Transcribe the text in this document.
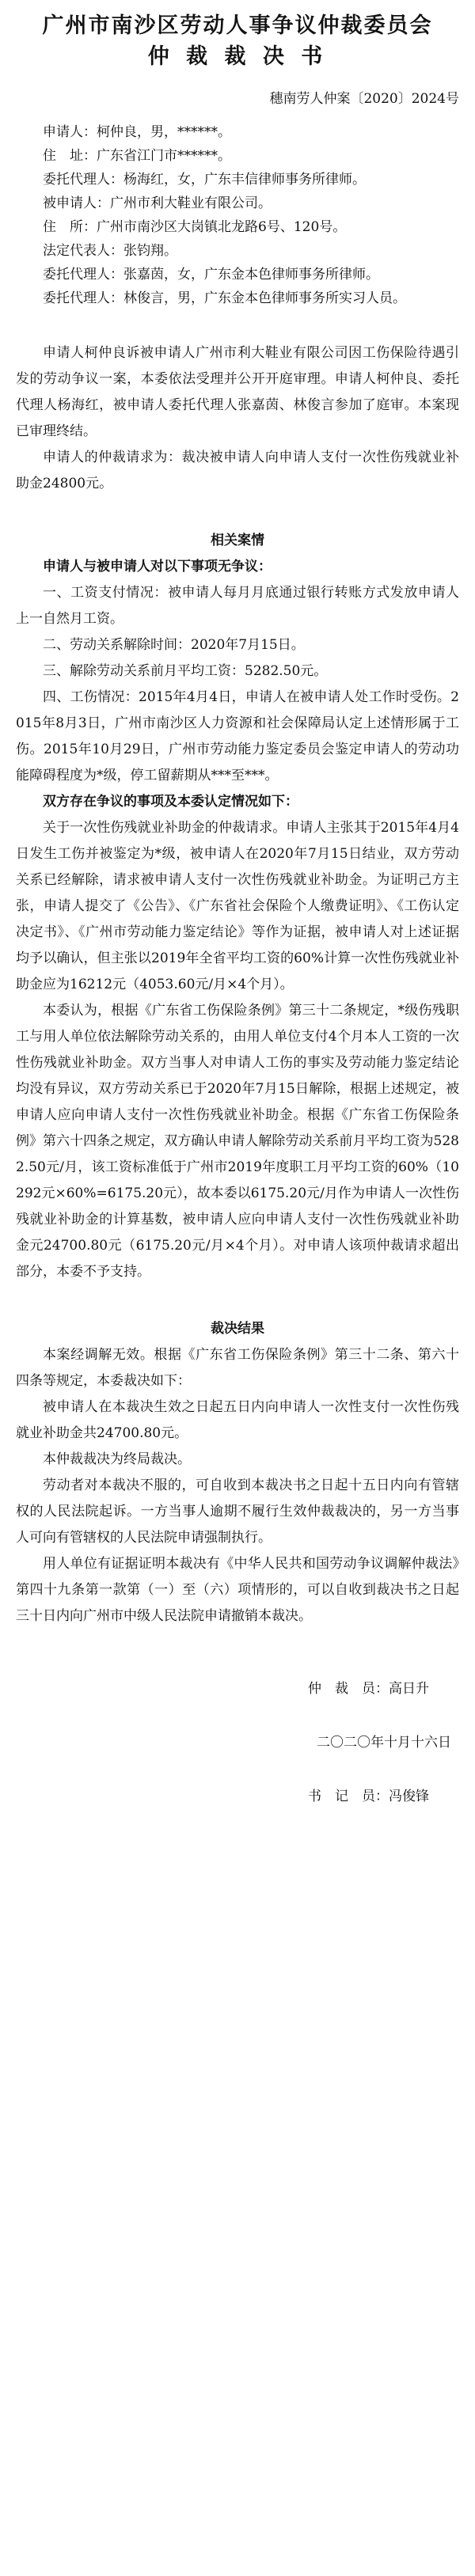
广州市南沙区劳动人事争议仲裁委员会
仲 裁 裁 决 书
穗南劳人仲案〔2020〕2024号

申请人：柯仲良，男，******。

住　址：广东省江门市******。

委托代理人：杨海红，女，广东丰信律师事务所律师。

被申请人：广州市利大鞋业有限公司。

住　所：广州市南沙区大岗镇北龙路6号、120号。

法定代表人：张钧翔。

委托代理人：张嘉茵，女，广东金本色律师事务所律师。

委托代理人：林俊言，男，广东金本色律师事务所实习人员。

申请人柯仲良诉被申请人广州市利大鞋业有限公司因工伤保险待遇引发的劳动争议一案，本委依法受理并公开开庭审理。申请人柯仲良、委托代理人杨海红，被申请人委托代理人张嘉茵、林俊言参加了庭审。本案现已审理终结。

申请人的仲裁请求为：裁决被申请人向申请人支付一次性伤残就业补助金24800元。

相关案情
申请人与被申请人对以下事项无争议：

一、工资支付情况：被申请人每月月底通过银行转账方式发放申请人上一自然月工资。

二、劳动关系解除时间：2020年7月15日。

三、解除劳动关系前月平均工资：5282.50元。

四、工伤情况：2015年4月4日，申请人在被申请人处工作时受伤。2015年8月3日，广州市南沙区人力资源和社会保障局认定上述情形属于工伤。2015年10月29日，广州市劳动能力鉴定委员会鉴定申请人的劳动功能障碍程度为*级，停工留薪期从***至***。

双方存在争议的事项及本委认定情况如下：

关于一次性伤残就业补助金的仲裁请求。申请人主张其于2015年4月4日发生工伤并被鉴定为*级，被申请人在2020年7月15日结业，双方劳动关系已经解除，请求被申请人支付一次性伤残就业补助金。为证明己方主张，申请人提交了《公告》、《广东省社会保险个人缴费证明》、《工伤认定决定书》、《广州市劳动能力鉴定结论》等作为证据，被申请人对上述证据均予以确认，但主张以2019年全省平均工资的60%计算一次性伤残就业补助金应为16212元（4053.60元/月×4个月）。

本委认为，根据《广东省工伤保险条例》第三十二条规定，*级伤残职工与用人单位依法解除劳动关系的，由用人单位支付4个月本人工资的一次性伤残就业补助金。双方当事人对申请人工伤的事实及劳动能力鉴定结论均没有异议，双方劳动关系已于2020年7月15日解除，根据上述规定，被申请人应向申请人支付一次性伤残就业补助金。根据《广东省工伤保险条例》第六十四条之规定，双方确认申请人解除劳动关系前月平均工资为5282.50元/月，该工资标准低于广州市2019年度职工月平均工资的60%（10292元×60%=6175.20元），故本委以6175.20元/月作为申请人一次性伤残就业补助金的计算基数，被申请人应向申请人支付一次性伤残就业补助金元24700.80元（6175.20元/月×4个月）。对申请人该项仲裁请求超出部分，本委不予支持。

裁决结果

本案经调解无效。根据《广东省工伤保险条例》第三十二条、第六十四条等规定，本委裁决如下：

被申请人在本裁决生效之日起五日内向申请人一次性支付一次性伤残就业补助金共24700.80元。

本仲裁裁决为终局裁决。

劳动者对本裁决不服的，可自收到本裁决书之日起十五日内向有管辖权的人民法院起诉。一方当事人逾期不履行生效仲裁裁决的，另一方当事人可向有管辖权的人民法院申请强制执行。

用人单位有证据证明本裁决有《中华人民共和国劳动争议调解仲裁法》第四十九条第一款第（一）至（六）项情形的，可以自收到裁决书之日起三十日内向广州市中级人民法院申请撤销本裁决。

仲　裁　员：高日升
二〇二〇年十月十六日
书　记　员：冯俊锋
